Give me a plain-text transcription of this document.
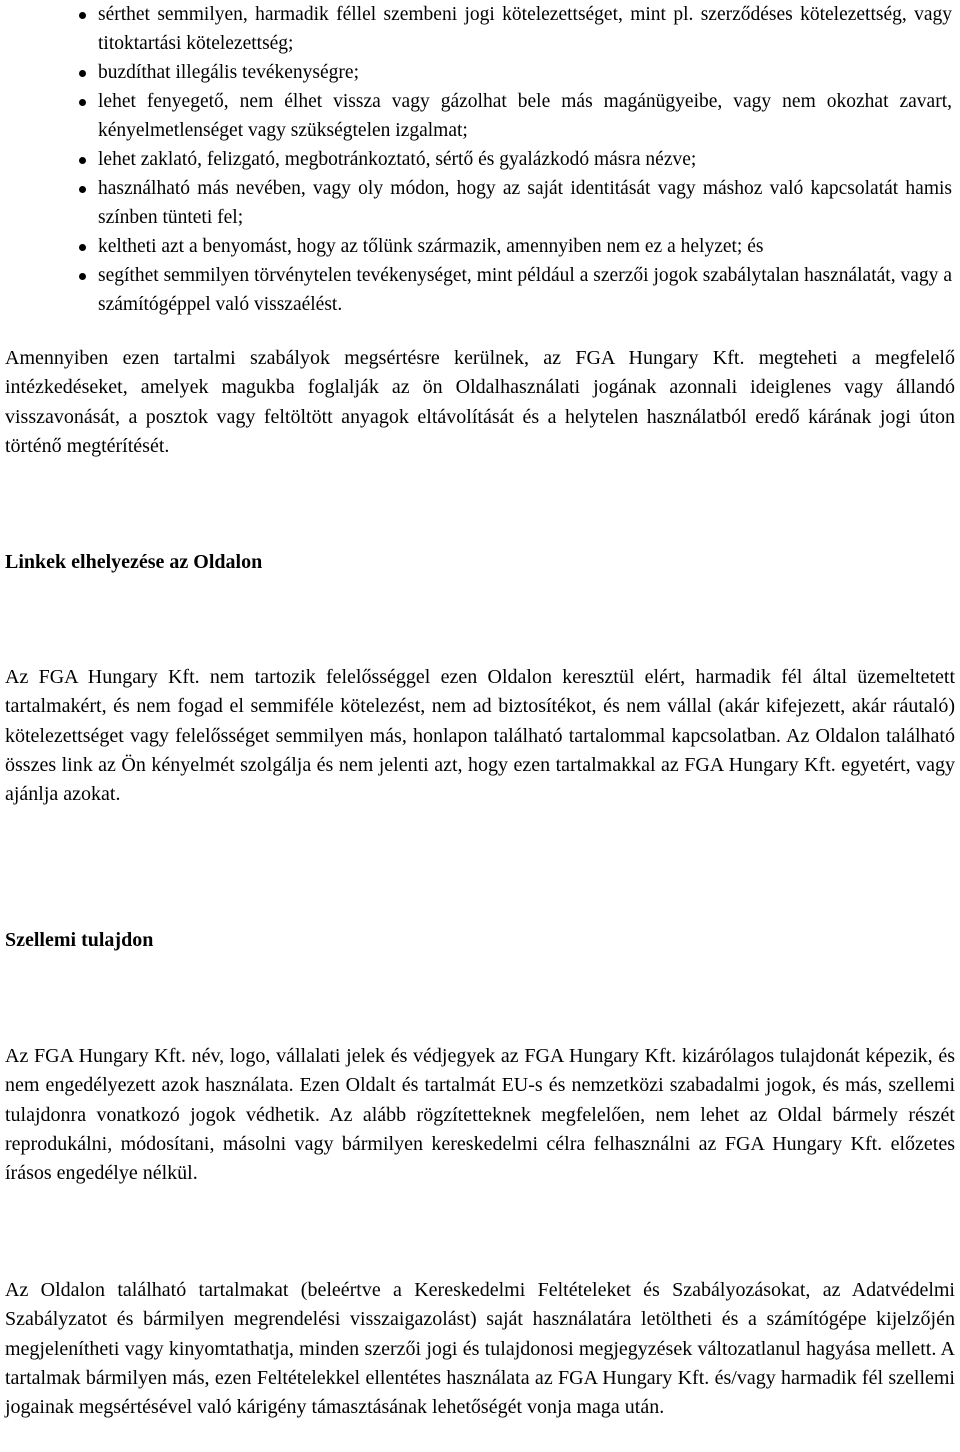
sérthet semmilyen, harmadik féllel szembeni jogi kötelezettséget, mint pl. szerződéses kötelezettség, vagy titoktartási kötelezettség;
buzdíthat illegális tevékenységre;
lehet fenyegető, nem élhet vissza vagy gázolhat bele más magánügyeibe, vagy nem okozhat zavart, kényelmetlenséget vagy szükségtelen izgalmat;
lehet zaklató, felizgató, megbotránkoztató, sértő és gyalázkodó másra nézve;
használható más nevében, vagy oly módon, hogy az saját identitását vagy máshoz való kapcsolatát hamis színben tünteti fel;
keltheti azt a benyomást, hogy az tőlünk származik, amennyiben nem ez a helyzet; és
segíthet semmilyen törvénytelen tevékenységet, mint például a szerzői jogok szabálytalan használatát, vagy a számítógéppel való visszaélést.

Amennyiben ezen tartalmi szabályok megsértésre kerülnek, az FGA Hungary Kft. megteheti a megfelelő intézkedéseket, amelyek magukba foglalják az ön Oldalhasználati jogának azonnali ideiglenes vagy állandó visszavonását, a posztok vagy feltöltött anyagok eltávolítását és a helytelen használatból eredő kárának jogi úton történő megtérítését.

Linkek elhelyezése az Oldalon

Az FGA Hungary Kft. nem tartozik felelősséggel ezen Oldalon keresztül elért, harmadik fél által üzemeltetett tartalmakért, és nem fogad el semmiféle kötelezést, nem ad biztosítékot, és nem vállal (akár kifejezett, akár ráutaló) kötelezettséget vagy felelősséget semmilyen más, honlapon található tartalommal kapcsolatban. Az Oldalon található összes link az Ön kényelmét szolgálja és nem jelenti azt, hogy ezen tartalmakkal az FGA Hungary Kft. egyetért, vagy ajánlja azokat.

Szellemi tulajdon

Az FGA Hungary Kft. név, logo, vállalati jelek és védjegyek az FGA Hungary Kft. kizárólagos tulajdonát képezik, és nem engedélyezett azok használata. Ezen Oldalt és tartalmát EU-s és nemzetközi szabadalmi jogok, és más, szellemi tulajdonra vonatkozó jogok védhetik. Az alább rögzítetteknek megfelelően, nem lehet az Oldal bármely részét reprodukálni, módosítani, másolni vagy bármilyen kereskedelmi célra felhasználni az FGA Hungary Kft. előzetes írásos engedélye nélkül.

Az Oldalon található tartalmakat (beleértve a Kereskedelmi Feltételeket és Szabályozásokat, az Adatvédelmi Szabályzatot és bármilyen megrendelési visszaigazolást) saját használatára letöltheti és a számítógépe kijelzőjén megjelenítheti vagy kinyomtathatja, minden szerzői jogi és tulajdonosi megjegyzések változatlanul hagyása mellett. A tartalmak bármilyen más, ezen Feltételekkel ellentétes használata az FGA Hungary Kft. és/vagy harmadik fél szellemi jogainak megsértésével való kárigény támasztásának lehetőségét vonja maga után.
